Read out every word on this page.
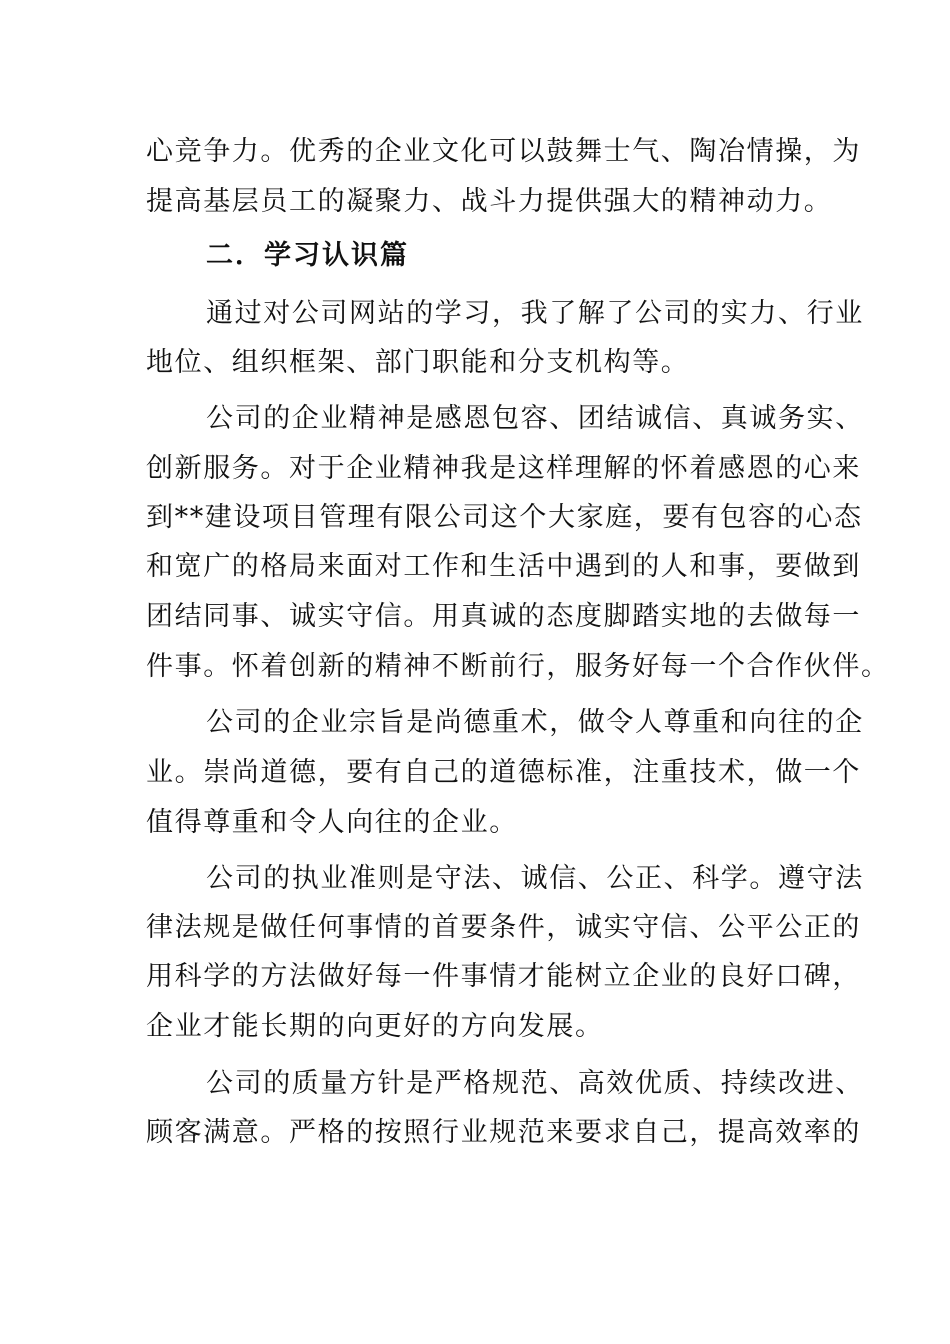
心竞争力。优秀的企业文化可以鼓舞士气、陶冶情操，为
提高基层员工的凝聚力、战斗力提供强大的精神动力。
二．学习认识篇
通过对公司网站的学习，我了解了公司的实力、行业
地位、组织框架、部门职能和分支机构等。
公司的企业精神是感恩包容、团结诚信、真诚务实、
创新服务。对于企业精神我是这样理解的怀着感恩的心来
到**建设项目管理有限公司这个大家庭，要有包容的心态
和宽广的格局来面对工作和生活中遇到的人和事，要做到
团结同事、诚实守信。用真诚的态度脚踏实地的去做每一
件事。怀着创新的精神不断前行，服务好每一个合作伙伴。
公司的企业宗旨是尚德重术，做令人尊重和向往的企
业。崇尚道德，要有自己的道德标准，注重技术，做一个
值得尊重和令人向往的企业。
公司的执业准则是守法、诚信、公正、科学。遵守法
律法规是做任何事情的首要条件，诚实守信、公平公正的
用科学的方法做好每一件事情才能树立企业的良好口碑，
企业才能长期的向更好的方向发展。
公司的质量方针是严格规范、高效优质、持续改进、
顾客满意。严格的按照行业规范来要求自己，提高效率的
